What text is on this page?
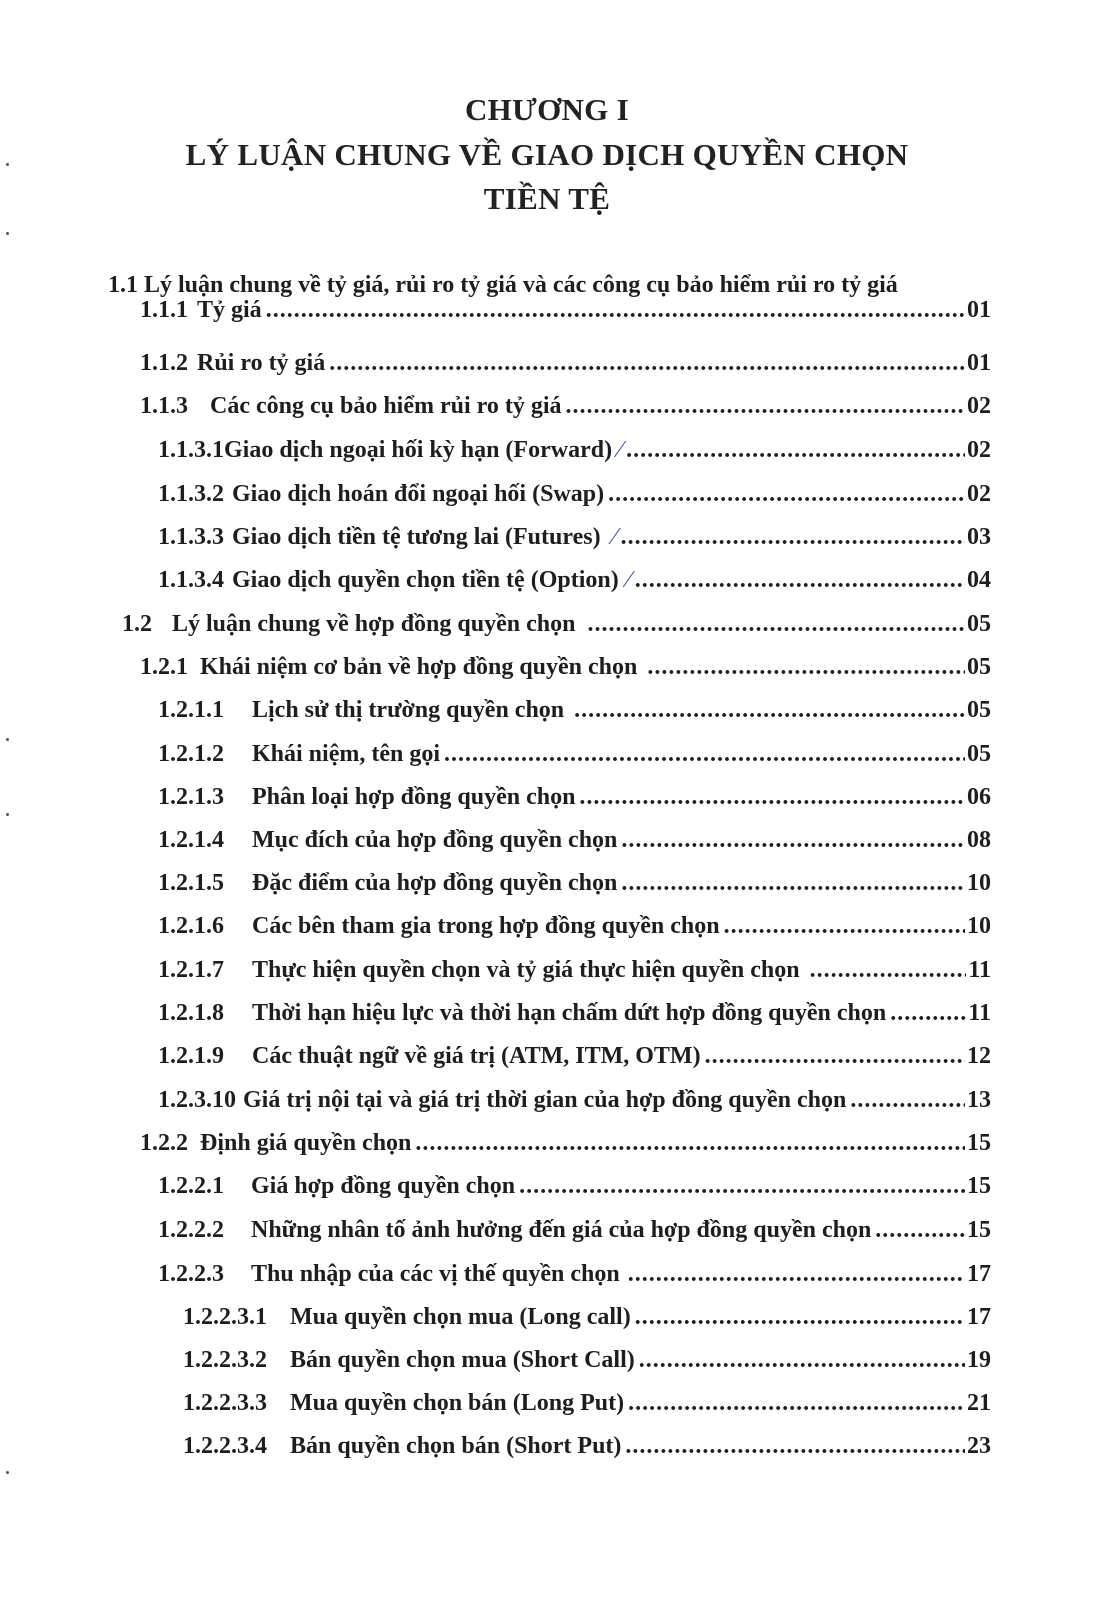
CHƯƠNG I
LÝ LUẬN CHUNG VỀ GIAO DỊCH QUYỀN CHỌN
TIỀN TỆ
1.1 Lý luận chung về tỷ giá, rủi ro tỷ giá và các công cụ bảo hiểm rủi ro tỷ giá
1.1.1 Tỷ giá .....	01
1.1.2 Rủi ro tỷ giá .....	01
1.1.3 Các công cụ bảo hiểm rủi ro tỷ giá .....	02
1.1.3.1 Giao dịch ngoại hối kỳ hạn (Forward) ⁄ .....	02
1.1.3.2 Giao dịch hoán đổi ngoại hối (Swap) .....	02
1.1.3.3 Giao dịch tiền tệ tương lai (Futures) ⁄ .....	03
1.1.3.4 Giao dịch quyền chọn tiền tệ (Option) ⁄ .....	04
1.2 Lý luận chung về hợp đồng quyền chọn .....	05
1.2.1 Khái niệm cơ bản về hợp đồng quyền chọn .....	05
1.2.1.1	Lịch sử thị trường quyền chọn .....	05
1.2.1.2	Khái niệm, tên gọi .....	05
1.2.1.3	Phân loại hợp đồng quyền chọn .....	06
1.2.1.4	Mục đích của hợp đồng quyền chọn .....	08
1.2.1.5	Đặc điểm của hợp đồng quyền chọn .....	10
1.2.1.6	Các bên tham gia trong hợp đồng quyền chọn .....	10
1.2.1.7	Thực hiện quyền chọn và tỷ giá thực hiện quyền chọn .....	11
1.2.1.8	Thời hạn hiệu lực và thời hạn chấm dứt hợp đồng quyền chọn .....	11
1.2.1.9	Các thuật ngữ về giá trị (ATM, ITM, OTM) .....	12
1.2.3.10 Giá trị nội tại và giá trị thời gian của hợp đồng quyền chọn .....	13
1.2.2 Định giá quyền chọn .....	15
1.2.2.1	Giá hợp đồng quyền chọn .....	15
1.2.2.2	Những nhân tố ảnh hưởng đến giá của hợp đồng quyền chọn .....	15
1.2.2.3	Thu nhập của các vị thế quyền chọn .....	17
1.2.2.3.1 Mua quyền chọn mua (Long call) .....	17
1.2.2.3.2 Bán quyền chọn mua (Short Call) .....	19
1.2.2.3.3 Mua quyền chọn bán (Long Put) .....	21
1.2.2.3.4 Bán quyền chọn bán (Short Put) .....	23
